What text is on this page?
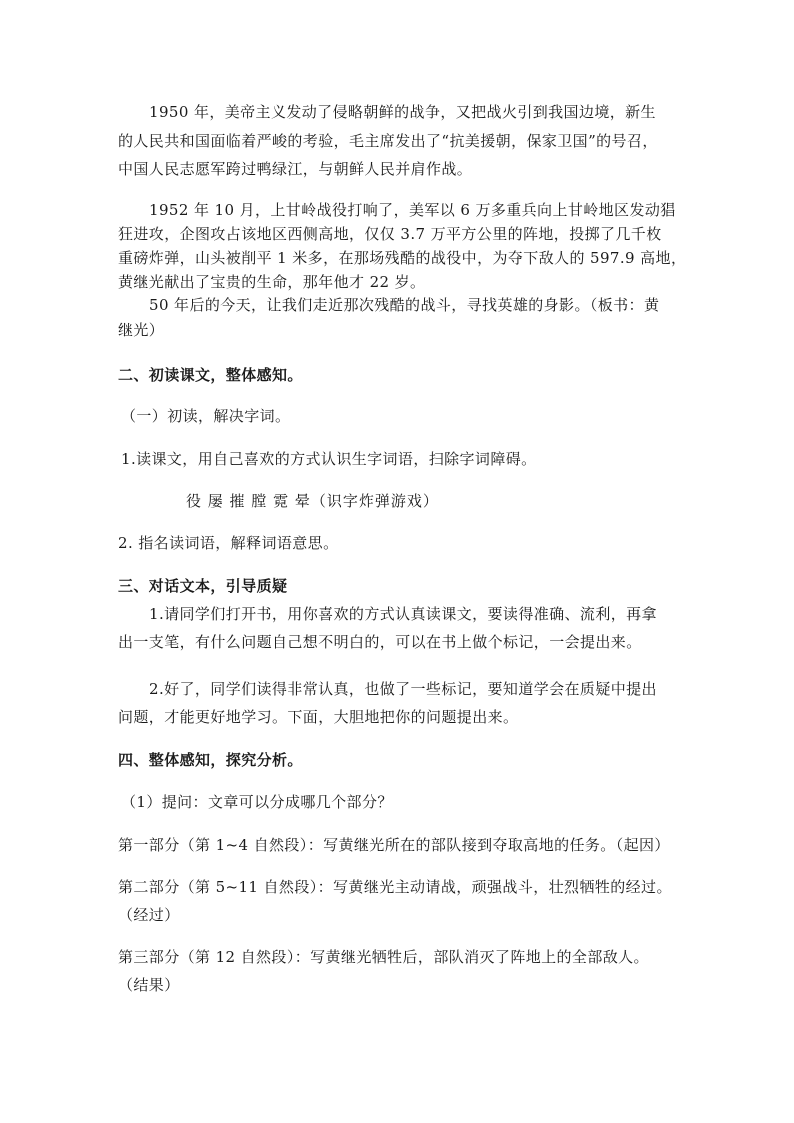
1950 年，美帝主义发动了侵略朝鲜的战争，又把战火引到我国边境，新生
的人民共和国面临着严峻的考验，毛主席发出了“抗美援朝，保家卫国”的号召，
中国人民志愿军跨过鸭绿江，与朝鲜人民并肩作战。
1952 年 10 月，上甘岭战役打响了，美军以 6 万多重兵向上甘岭地区发动猖
狂进攻，企图攻占该地区西侧高地，仅仅 3.7 万平方公里的阵地，投掷了几千枚
重磅炸弹，山头被削平 1 米多，在那场残酷的战役中，为夺下敌人的 597.9 高地，
黄继光献出了宝贵的生命，那年他才 22 岁。
50 年后的今天，让我们走近那次残酷的战斗，寻找英雄的身影。（板书：黄
继光）
二、初读课文，整体感知。
（一）初读，解决字词。
1.读课文，用自己喜欢的方式认识生字词语，扫除字词障碍。
役 屡 摧 膛 霓 晕（识字炸弹游戏）
2. 指名读词语，解释词语意思。
三、对话文本，引导质疑
1.请同学们打开书，用你喜欢的方式认真读课文，要读得准确、流利，再拿
出一支笔，有什么问题自己想不明白的，可以在书上做个标记，一会提出来。
2.好了，同学们读得非常认真，也做了一些标记，要知道学会在质疑中提出
问题，才能更好地学习。下面，大胆地把你的问题提出来。
四、整体感知，探究分析。
（1）提问：文章可以分成哪几个部分？
第一部分（第 1~4 自然段）：写黄继光所在的部队接到夺取高地的任务。（起因）
第二部分（第 5~11 自然段）：写黄继光主动请战，顽强战斗，壮烈牺牲的经过。
（经过）
第三部分（第 12 自然段）：写黄继光牺牲后，部队消灭了阵地上的全部敌人。
（结果）
